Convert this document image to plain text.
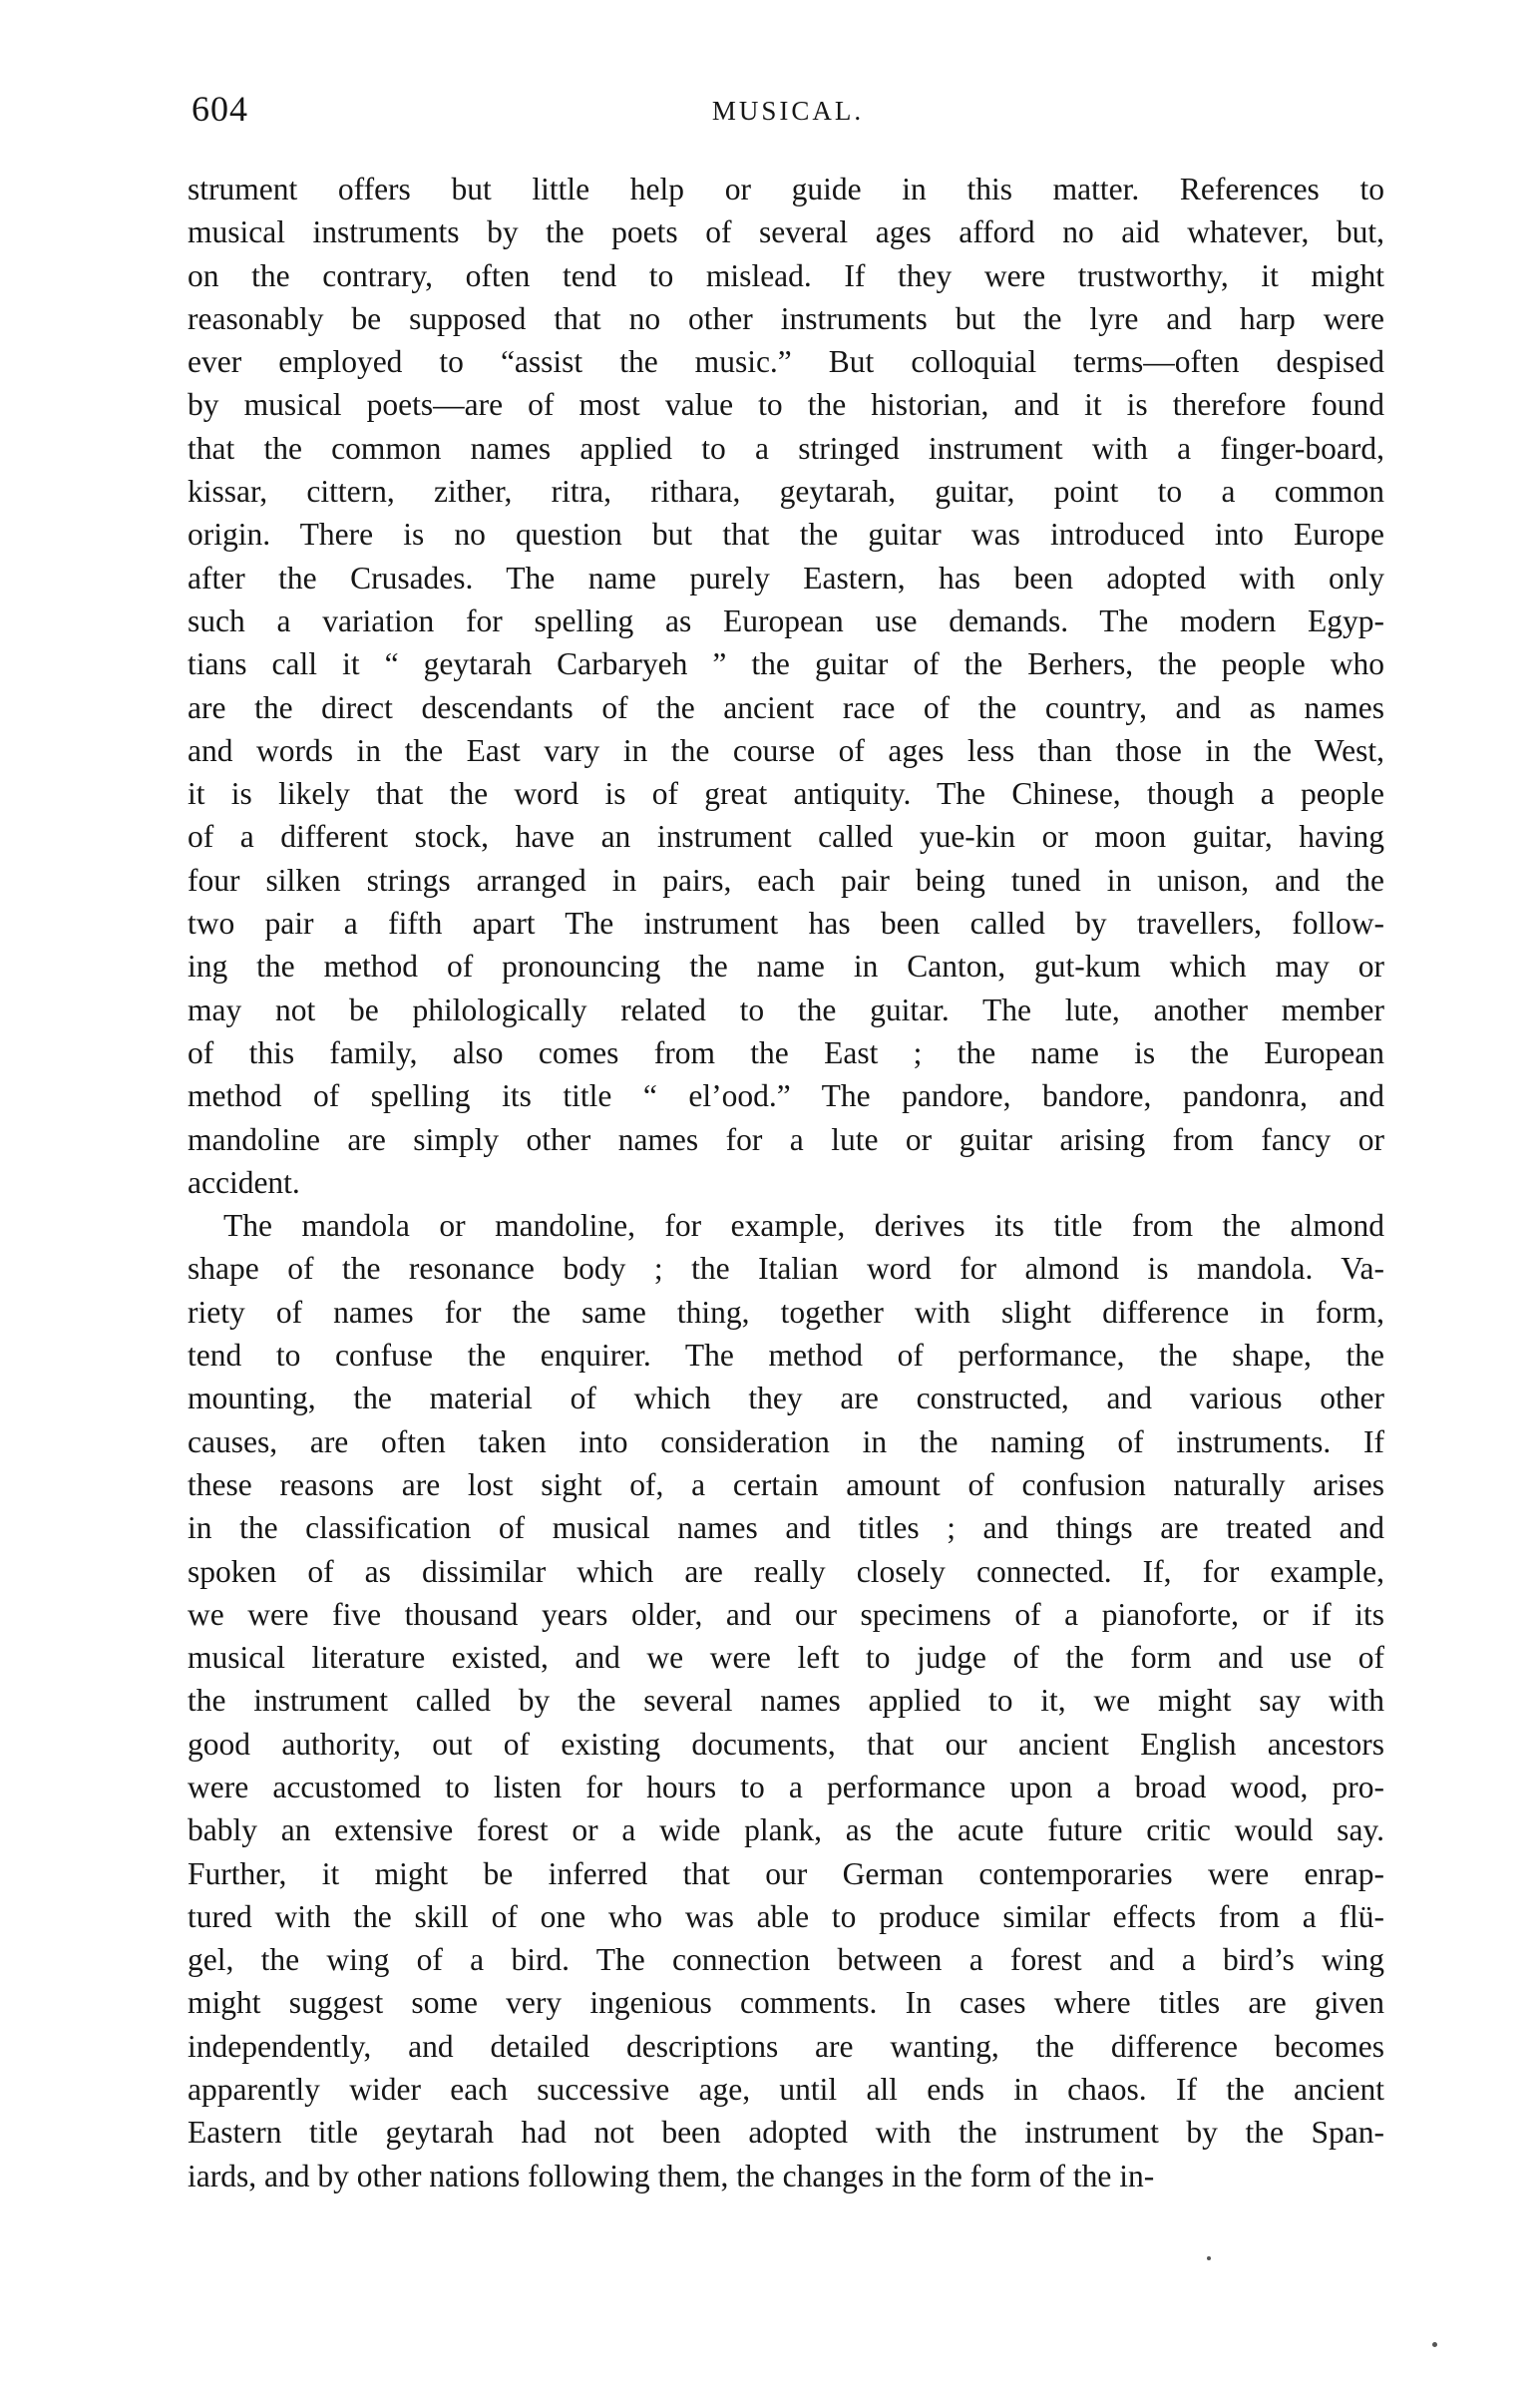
604	MUSICAL.
strument offers but little help or guide in this matter. References to
musical instruments by the poets of several ages afford no aid whatever, but,
on the contrary, often tend to mislead. If they were trustworthy, it might
reasonably be supposed that no other instruments but the lyre and harp were
ever employed to “assist the music.” But colloquial terms—often despised
by musical poets—are of most value to the historian, and it is therefore found
that the common names applied to a stringed instrument with a finger-board,
kissar, cittern, zither, ritra, rithara, geytarah, guitar, point to a common
origin. There is no question but that the guitar was introduced into Europe
after the Crusades. The name purely Eastern, has been adopted with only
such a variation for spelling as European use demands. The modern Egyp-
tians call it “ geytarah Carbaryeh ” the guitar of the Berhers, the people who
are the direct descendants of the ancient race of the country, and as names
and words in the East vary in the course of ages less than those in the West,
it is likely that the word is of great antiquity. The Chinese, though a people
of a different stock, have an instrument called yue-kin or moon guitar, having
four silken strings arranged in pairs, each pair being tuned in unison, and the
two pair a fifth apart The instrument has been called by travellers, follow-
ing the method of pronouncing the name in Canton, gut-kum which may or
may not be philologically related to the guitar. The lute, another member
of this family, also comes from the East ; the name is the European
method of spelling its title “ el’ood.” The pandore, bandore, pandonra, and
mandoline are simply other names for a lute or guitar arising from fancy or
accident.
The mandola or mandoline, for example, derives its title from the almond
shape of the resonance body ; the Italian word for almond is mandola. Va-
riety of names for the same thing, together with slight difference in form,
tend to confuse the enquirer. The method of performance, the shape, the
mounting, the material of which they are constructed, and various other
causes, are often taken into consideration in the naming of instruments. If
these reasons are lost sight of, a certain amount of confusion naturally arises
in the classification of musical names and titles ; and things are treated and
spoken of as dissimilar which are really closely connected. If, for example,
we were five thousand years older, and our specimens of a pianoforte, or if its
musical literature existed, and we were left to judge of the form and use of
the instrument called by the several names applied to it, we might say with
good authority, out of existing documents, that our ancient English ancestors
were accustomed to listen for hours to a performance upon a broad wood, pro-
bably an extensive forest or a wide plank, as the acute future critic would say.
Further, it might be inferred that our German contemporaries were enrap-
tured with the skill of one who was able to produce similar effects from a flü-
gel, the wing of a bird. The connection between a forest and a bird’s wing
might suggest some very ingenious comments. In cases where titles are given
independently, and detailed descriptions are wanting, the difference becomes
apparently wider each successive age, until all ends in chaos. If the ancient
Eastern title geytarah had not been adopted with the instrument by the Span-
iards, and by other nations following them, the changes in the form of the in-
